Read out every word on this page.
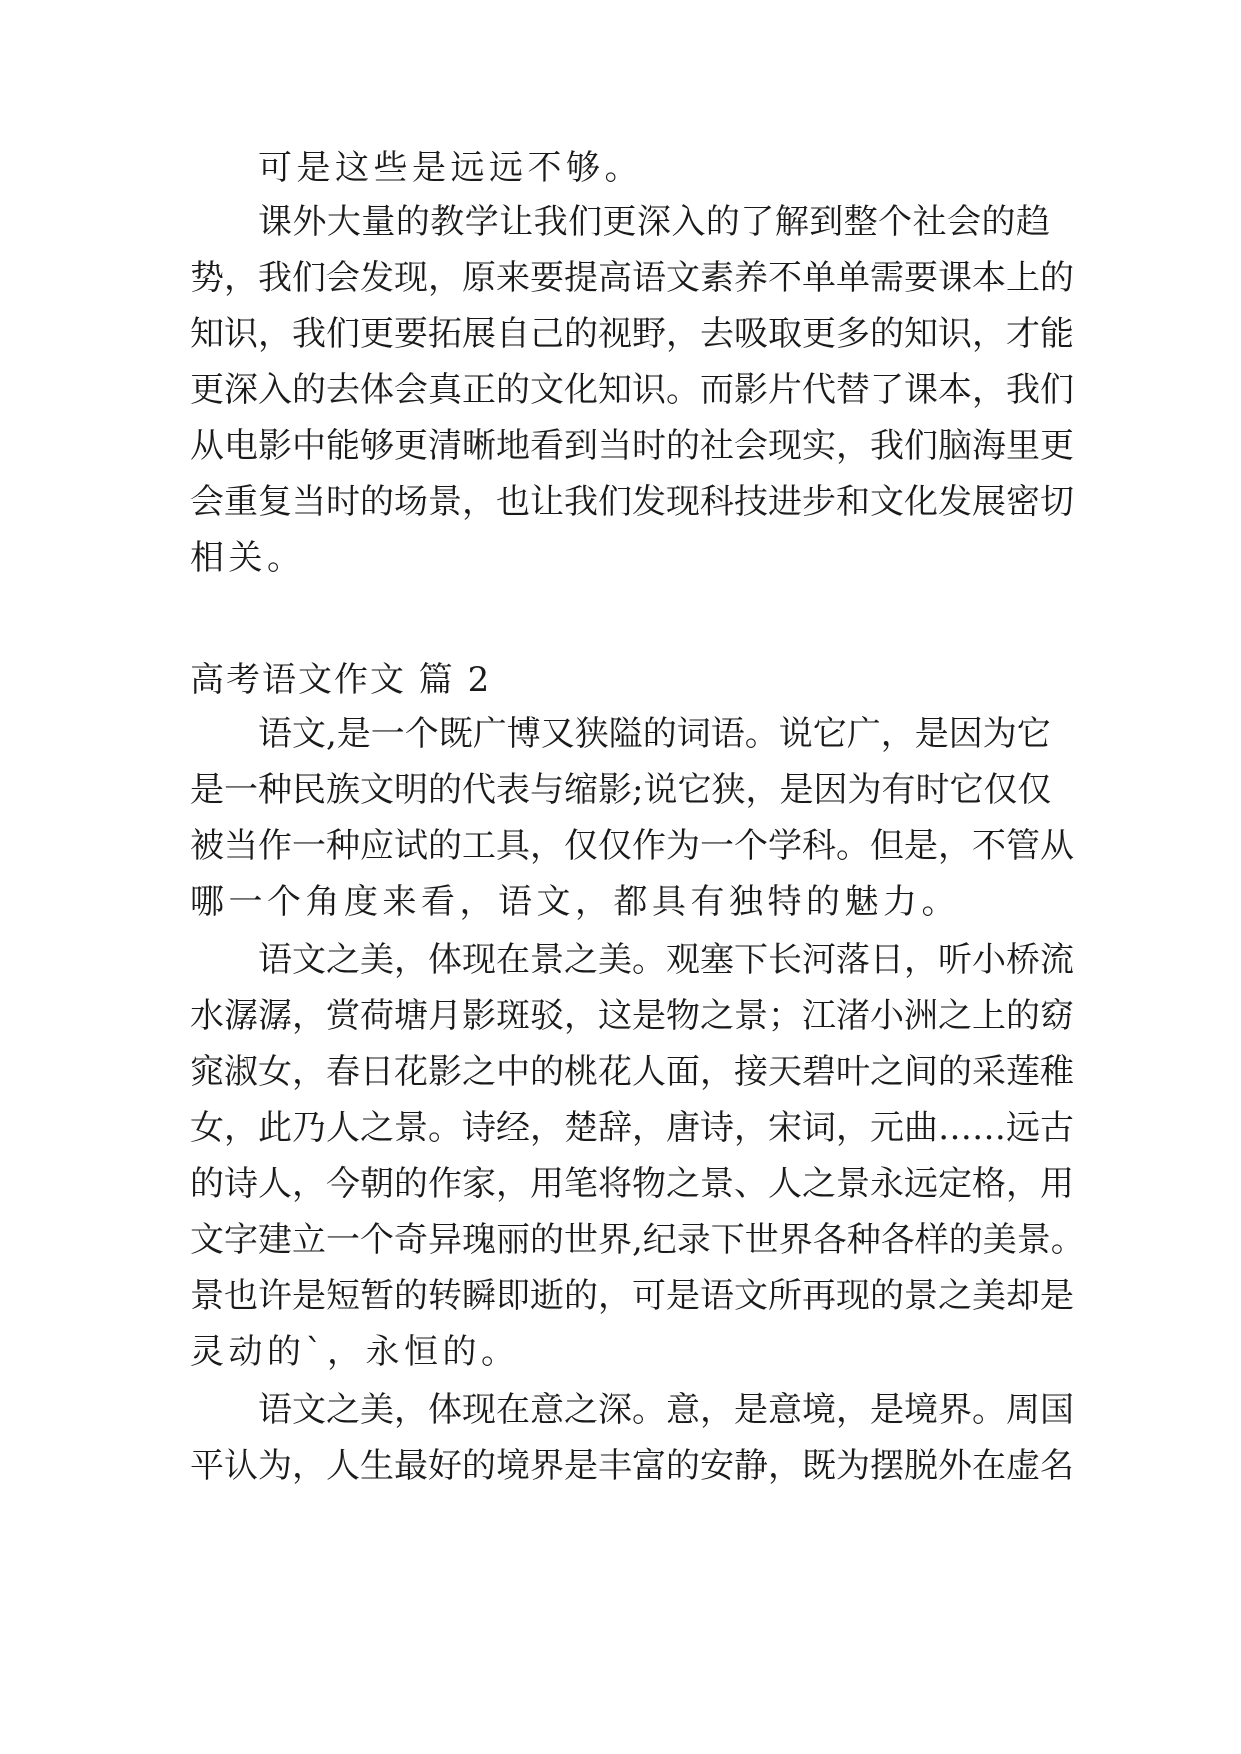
可是这些是远远不够。

课外大量的教学让我们更深入的了解到整个社会的趋

势，我们会发现，原来要提高语文素养不单单需要课本上的

知识，我们更要拓展自己的视野，去吸取更多的知识，才能

更深入的去体会真正的文化知识。而影片代替了课本，我们

从电影中能够更清晰地看到当时的社会现实，我们脑海里更

会重复当时的场景，也让我们发现科技进步和文化发展密切

相关。

高考语文作文 篇 2

语文,是一个既广博又狭隘的词语。说它广，是因为它

是一种民族文明的代表与缩影;说它狭，是因为有时它仅仅

被当作一种应试的工具，仅仅作为一个学科。但是，不管从

哪一个角度来看，语文，都具有独特的魅力。

语文之美，体现在景之美。观塞下长河落日，听小桥流

水潺潺，赏荷塘月影斑驳，这是物之景；江渚小洲之上的窈

窕淑女，春日花影之中的桃花人面，接天碧叶之间的采莲稚

女，此乃人之景。诗经，楚辞，唐诗，宋词，元曲……远古

的诗人，今朝的作家，用笔将物之景、人之景永远定格，用

文字建立一个奇异瑰丽的世界,纪录下世界各种各样的美景。

景也许是短暂的转瞬即逝的，可是语文所再现的景之美却是

灵动的`，永恒的。

语文之美，体现在意之深。意，是意境，是境界。周国

平认为，人生最好的境界是丰富的安静，既为摆脱外在虚名
